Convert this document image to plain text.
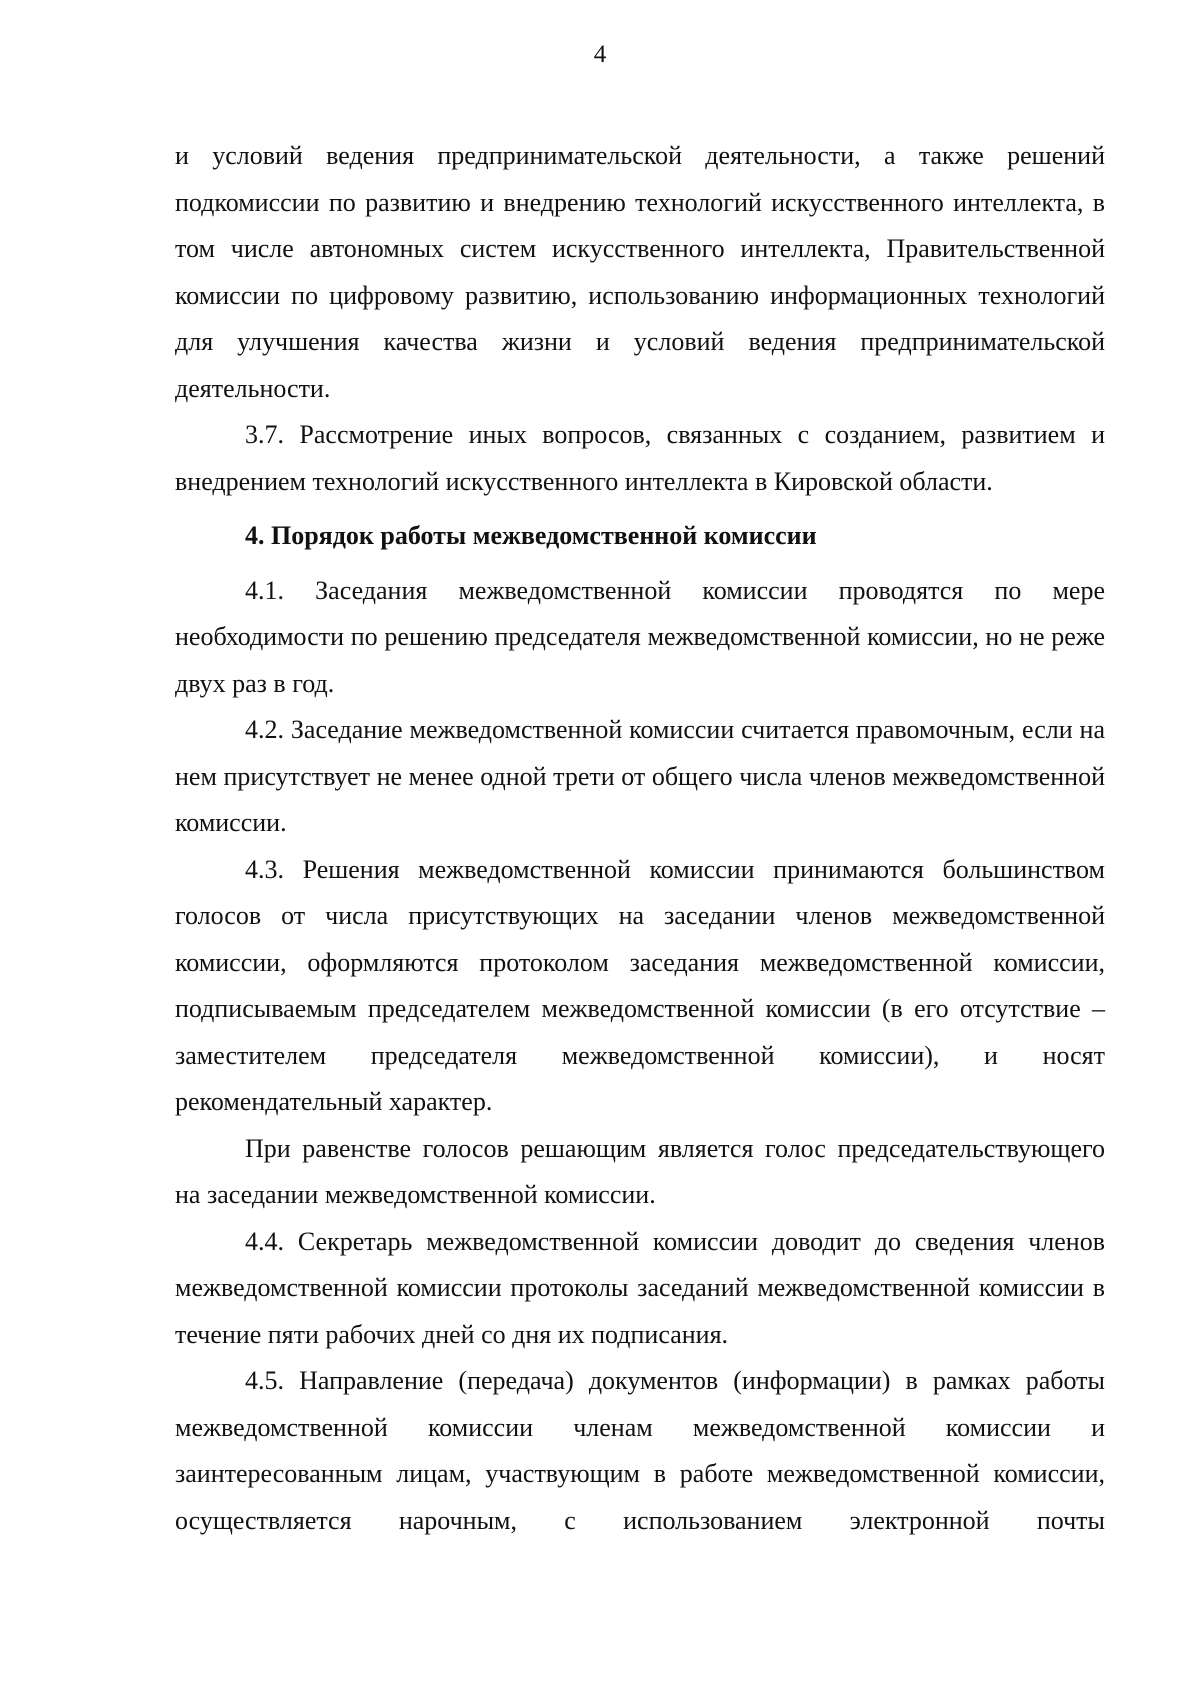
4

и условий ведения предпринимательской деятельности, а также решений подкомиссии по развитию и внедрению технологий искусственного интеллекта, в том числе автономных систем искусственного интеллекта, Правительственной комиссии по цифровому развитию, использованию информационных технологий для улучшения качества жизни и условий ведения предпринимательской деятельности.

3.7. Рассмотрение иных вопросов, связанных с созданием, развитием и внедрением технологий искусственного интеллекта в Кировской области.

4. Порядок работы межведомственной комиссии

4.1. Заседания межведомственной комиссии проводятся по мере необходимости по решению председателя межведомственной комиссии, но не реже двух раз в год.

4.2. Заседание межведомственной комиссии считается правомочным, если на нем присутствует не менее одной трети от общего числа членов межведомственной комиссии.

4.3. Решения межведомственной комиссии принимаются большинством голосов от числа присутствующих на заседании членов межведомственной комиссии, оформляются протоколом заседания межведомственной комиссии, подписываемым председателем межведомственной комиссии (в его отсутствие – заместителем председателя межведомственной комиссии), и носят рекомендательный характер.

При равенстве голосов решающим является голос председательствующего на заседании межведомственной комиссии.

4.4. Секретарь межведомственной комиссии доводит до сведения членов межведомственной комиссии протоколы заседаний межведомственной комиссии в течение пяти рабочих дней со дня их подписания.

4.5. Направление (передача) документов (информации) в рамках работы межведомственной комиссии членам межведомственной комиссии и заинтересованным лицам, участвующим в работе межведомственной комиссии, осуществляется нарочным, с использованием электронной почты
